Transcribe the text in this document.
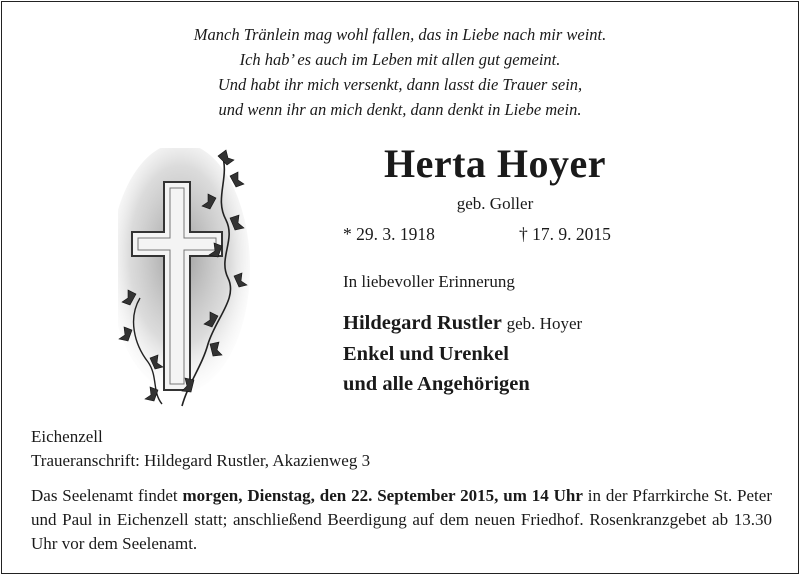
Manch Tränlein mag wohl fallen, das in Liebe nach mir weint.
Ich hab’ es auch im Leben mit allen gut gemeint.
Und habt ihr mich versenkt, dann lasst die Trauer sein,
und wenn ihr an mich denkt, dann denkt in Liebe mein.
Herta Hoyer
geb. Goller
* 29. 3. 1918	† 17. 9. 2015
In liebevoller Erinnerung
Hildegard Rustler geb. Hoyer
Enkel und Urenkel
und alle Angehörigen
Eichenzell
Traueranschrift: Hildegard Rustler, Akazienweg 3
Das Seelenamt findet morgen, Dienstag, den 22. September 2015, um 14 Uhr in der Pfarrkirche St. Peter und Paul in Eichenzell statt; anschließend Beerdigung auf dem neuen Friedhof. Rosenkranzgebet ab 13.30 Uhr vor dem Seelenamt.
